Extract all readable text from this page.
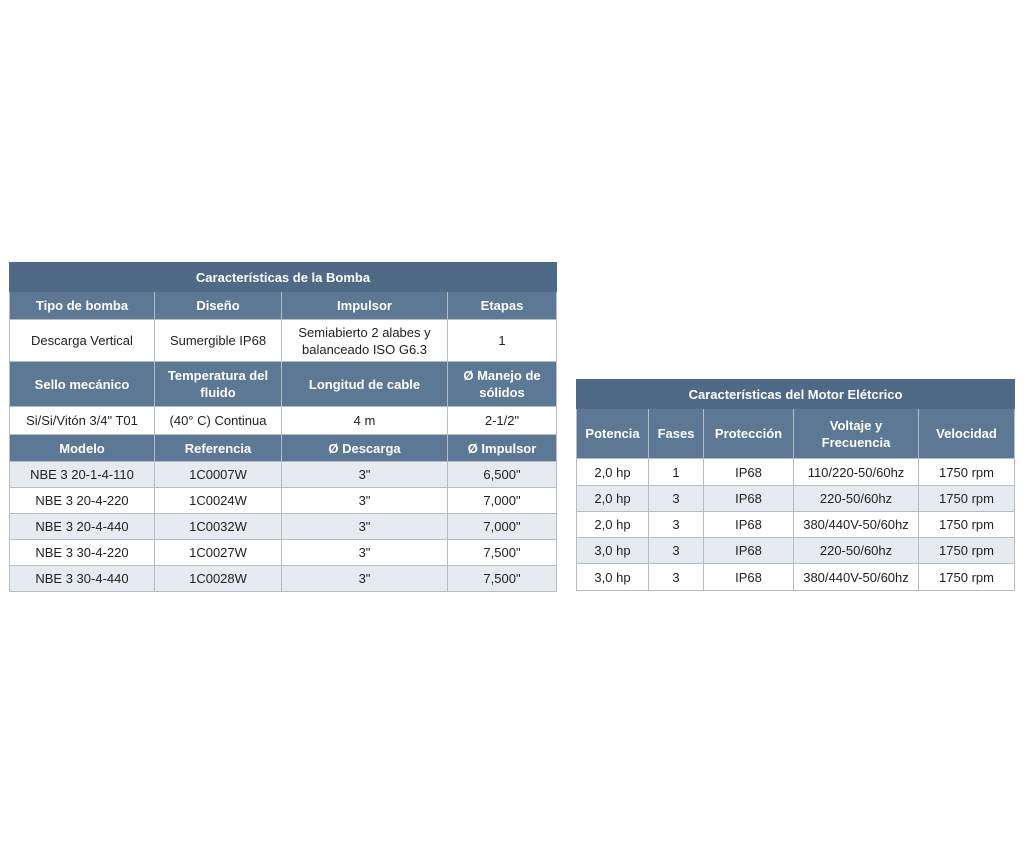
Características de la Bomba			
Tipo de bomba	Diseño	Impulsor	Etapas
Descarga Vertical	Sumergible IP68	Semiabierto 2 alabes y balanceado ISO G6.3	1
Sello mecánico	Temperatura del fluido	Longitud de cable	Ø Manejo de sólidos
Si/Si/Vitón 3/4" T01	(40° C) Continua	4 m	2-1/2"
Modelo	Referencia	Ø Descarga	Ø Impulsor
NBE 3 20-1-4-110	1C0007W	3"	6,500"
NBE 3 20-4-220	1C0024W	3"	7,000"
NBE 3 20-4-440	1C0032W	3"	7,000"
NBE 3 30-4-220	1C0027W	3"	7,500"
NBE 3 30-4-440	1C0028W	3"	7,500"
Características del Motor Elétcrico				
Potencia	Fases	Protección	Voltaje y Frecuencia	Velocidad
2,0 hp	1	IP68	110/220-50/60hz	1750 rpm
2,0 hp	3	IP68	220-50/60hz	1750 rpm
2,0 hp	3	IP68	380/440V-50/60hz	1750 rpm
3,0 hp	3	IP68	220-50/60hz	1750 rpm
3,0 hp	3	IP68	380/440V-50/60hz	1750 rpm
